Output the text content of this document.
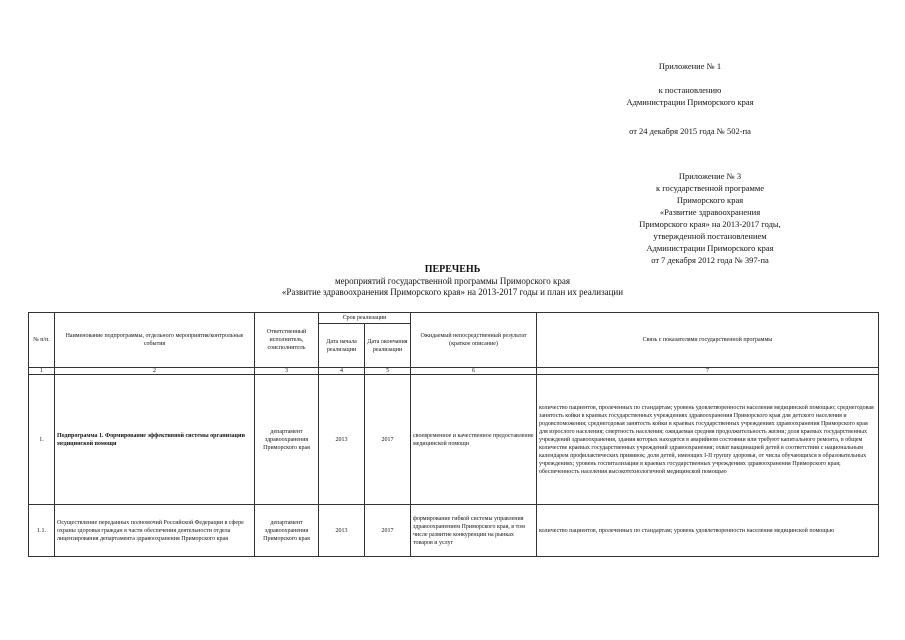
Приложение № 1
к постановлению
Администрации Приморского края
от 24 декабря 2015 года № 502-па
Приложение № 3
к государственной программе
Приморского края
«Развитие здравоохранения
Приморского края» на 2013-2017 годы,
утвержденной постановлением
Администрации Приморского края
от 7 декабря 2012 года № 397-па
ПЕРЕЧЕНЬ
мероприятий государственной программы Приморского края
«Развитие здравоохранения Приморского края» на 2013-2017 годы и план их реализации
№ п/п.	Наименование подпрограммы, отдельного мероприятия/контрольные события	Ответственный исполнитель, соисполнитель	Срок реализации		Ожидаемый непосредственный результат (краткое описание)	Связь с показателями государственной программы
			Дата начала реализации	Дата окончания реализации		
1	2	3	4	5	6	7
1.	Подпрограмма 1. Формирование эффективной системы организации медицинской помощи	департамент здравоохранения Приморского края	2013	2017	своевременное и качественное предоставление медицинской помощи	количество пациентов, пролеченных по стандартам; уровень удовлетворенности населения медицинской помощью; среднегодовая занятость койки в краевых государственных учреждениях здравоохранения Приморского края для детского населения и родовспоможения; среднегодовая занятость койки в краевых государственных учреждениях здравоохранения Приморского края для взрослого населения; смертность населения; ожидаемая средняя продолжительность жизни; доля краевых государственных учреждений здравоохранения, здания которых находятся в аварийном состоянии или требуют капитального ремонта, в общем количестве краевых государственных учреждений здравоохранения; охват вакцинацией детей в соответствии с национальным календарем профилактических прививок; доля детей, имеющих I-II группу здоровья, от числа обучающихся в образовательных учреждениях; уровень госпитализации в краевых государственных учреждениях здравоохранения Приморского края; обеспеченность населения высокотехнологичной медицинской помощью
1.1.	Осуществление переданных полномочий Российской Федерации в сфере охраны здоровья граждан в части обеспечения деятельности отдела лицензирования департамента здравоохранения Приморского края	департамент здравоохранения Приморского края	2013	2017	формирование гибкой системы управления здравоохранением Приморского края, в том числе развитие конкуренции на рынках товаров и услуг	количество пациентов, пролеченных по стандартам; уровень удовлетворенности населения медицинской помощью
